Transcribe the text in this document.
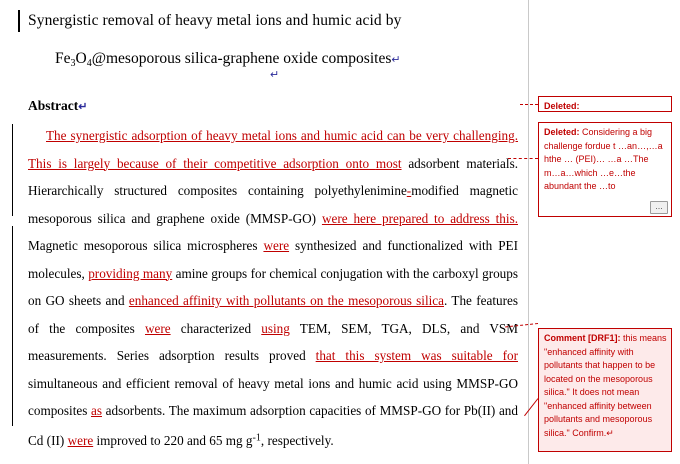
Synergistic removal of heavy metal ions and humic acid by
$Fe_3O_4@mesoporous$ silica-graphene oxide composites↵
↵
Abstract↵

The synergistic adsorption of heavy metal ions and humic acid can be very challenging. This is largely because of their competitive adsorption onto most adsorbent materials. Hierarchically structured composites containing polyethylenimine-modified magnetic mesoporous silica and graphene oxide (MMSP-GO) were here prepared to address this. Magnetic mesoporous silica microspheres were synthesized and functionalized with PEI molecules, providing many amine groups for chemical conjugation with the carboxyl groups on GO sheets and enhanced affinity with pollutants on the mesoporous silica. The features of the composites were characterized using TEM, SEM, TGA, DLS, and VSM measurements. Series adsorption results proved that this system was suitable for simultaneous and efficient removal of heavy metal ions and humic acid using MMSP-GO composites as adsorbents. The maximum adsorption capacities of MMSP-GO for Pb(II) and Cd (II) were improved to 220 and 65 mg $g^{-1}$, respectively.

Deleted:
Deleted: Considering a big challenge fordue t …an…,…a hthe … (PEI)… …a …The m…a…which …e…the abundant the …to
…
Comment [DRF1]: this means "enhanced affinity with pollutants that happen to be located on the mesoporous silica." It does not mean "enhanced affinity between pollutants and mesoporous silica." Confirm.↵
